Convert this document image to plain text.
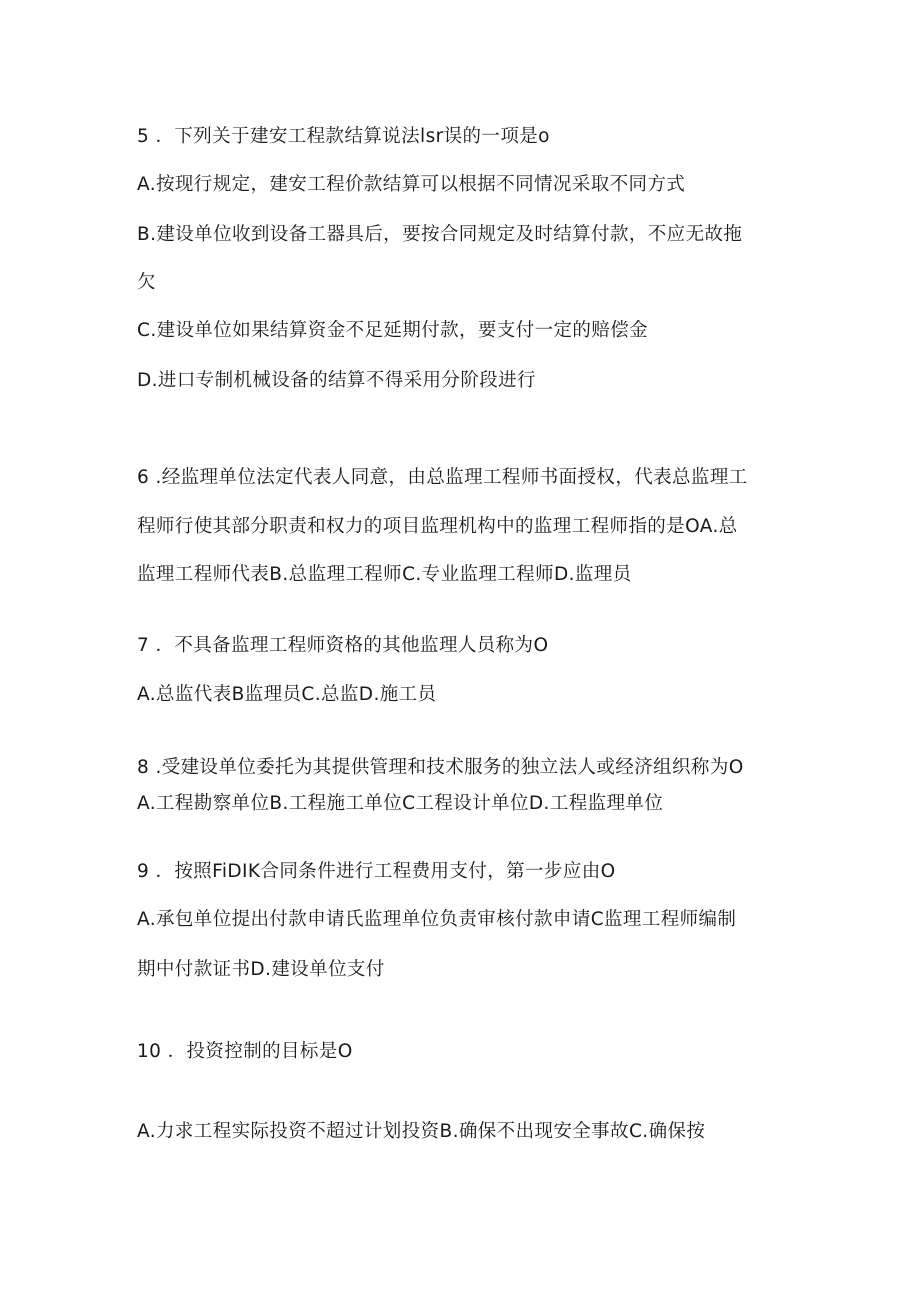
5 ．下列关于建安工程款结算说法lsr误的一项是o
A.按现行规定，建安工程价款结算可以根据不同情况采取不同方式
B.建设单位收到设备工器具后，要按合同规定及时结算付款，不应无故拖
欠
C.建设单位如果结算资金不足延期付款，要支付一定的赔偿金
D.进口专制机械设备的结算不得采用分阶段进行
6 .经监理单位法定代表人同意，由总监理工程师书面授权，代表总监理工
程师行使其部分职责和权力的项目监理机构中的监理工程师指的是OA.总
监理工程师代表B.总监理工程师C.专业监理工程师D.监理员
7 ．不具备监理工程师资格的其他监理人员称为O
A.总监代表B监理员C.总监D.施工员
8 .受建设单位委托为其提供管理和技术服务的独立法人或经济组织称为O
A.工程勘察单位B.工程施工单位C工程设计单位D.工程监理单位
9 ．按照FiDIK合同条件进行工程费用支付，第一步应由O
A.承包单位提出付款申请氏监理单位负责审核付款申请C监理工程师编制
期中付款证书D.建设单位支付
10 ．投资控制的目标是O
A.力求工程实际投资不超过计划投资B.确保不出现安全事故C.确保按
